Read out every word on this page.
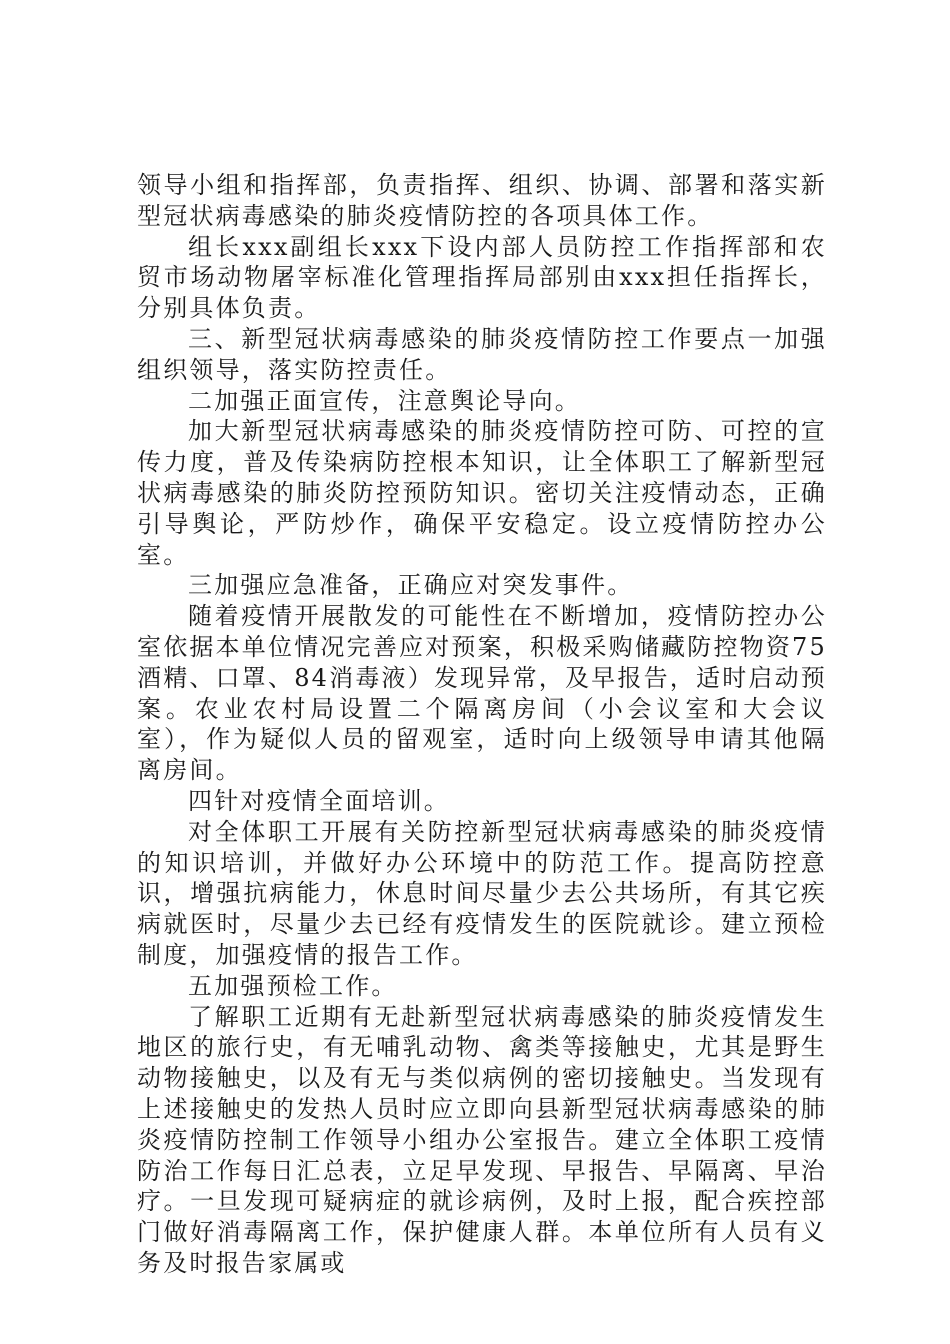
领导小组和指挥部，负责指挥、组织、协调、部署和落实新型冠状病毒感染的肺炎疫情防控的各项具体工作。

组长xxx副组长xxx下设内部人员防控工作指挥部和农贸市场动物屠宰标准化管理指挥局部别由xxx担任指挥长，分别具体负责。

三、新型冠状病毒感染的肺炎疫情防控工作要点一加强组织领导，落实防控责任。

二加强正面宣传，注意舆论导向。

加大新型冠状病毒感染的肺炎疫情防控可防、可控的宣传力度，普及传染病防控根本知识，让全体职工了解新型冠状病毒感染的肺炎防控预防知识。密切关注疫情动态，正确引导舆论，严防炒作，确保平安稳定。设立疫情防控办公室。

三加强应急准备，正确应对突发事件。

随着疫情开展散发的可能性在不断增加，疫情防控办公室依据本单位情况完善应对预案，积极采购储藏防控物资75酒精、口罩、84消毒液）发现异常，及早报告，适时启动预案。农业农村局设置二个隔离房间（小会议室和大会议室），作为疑似人员的留观室，适时向上级领导申请其他隔离房间。

四针对疫情全面培训。

对全体职工开展有关防控新型冠状病毒感染的肺炎疫情的知识培训，并做好办公环境中的防范工作。提高防控意识，增强抗病能力，休息时间尽量少去公共场所，有其它疾病就医时，尽量少去已经有疫情发生的医院就诊。建立预检制度，加强疫情的报告工作。

五加强预检工作。

了解职工近期有无赴新型冠状病毒感染的肺炎疫情发生地区的旅行史，有无哺乳动物、禽类等接触史，尤其是野生动物接触史，以及有无与类似病例的密切接触史。当发现有上述接触史的发热人员时应立即向县新型冠状病毒感染的肺炎疫情防控制工作领导小组办公室报告。建立全体职工疫情防治工作每日汇总表，立足早发现、早报告、早隔离、早治疗。一旦发现可疑病症的就诊病例，及时上报，配合疾控部门做好消毒隔离工作，保护健康人群。本单位所有人员有义务及时报告家属或
